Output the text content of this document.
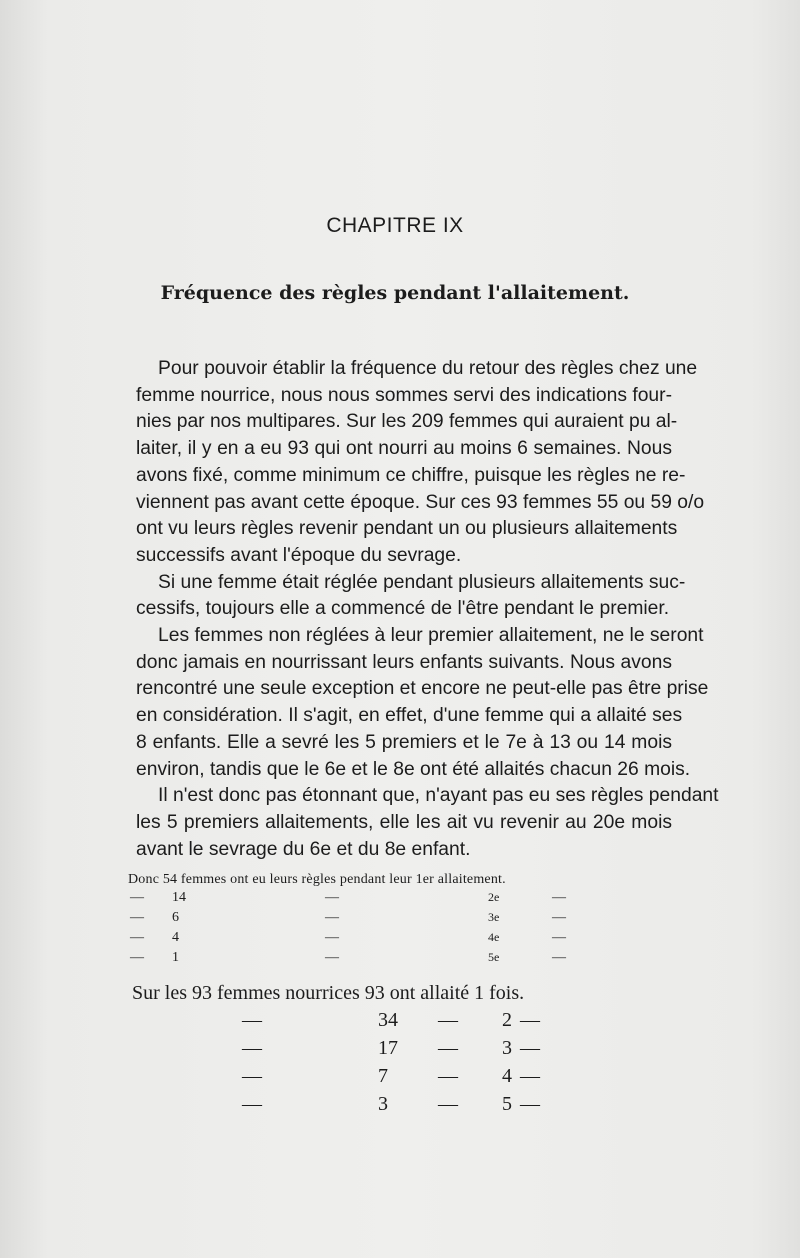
CHAPITRE IX
Fréquence des règles pendant l'allaitement.
Pour pouvoir établir la fréquence du retour des règles chez une
femme nourrice, nous nous sommes servi des indications four-
nies par nos multipares. Sur les 209 femmes qui auraient pu al-
laiter, il y en a eu 93 qui ont nourri au moins 6 semaines. Nous
avons fixé, comme minimum ce chiffre, puisque les règles ne re-
viennent pas avant cette époque. Sur ces 93 femmes 55 ou 59 o/o
ont vu leurs règles revenir pendant un ou plusieurs allaitements
successifs avant l'époque du sevrage.
Si une femme était réglée pendant plusieurs allaitements suc-
cessifs, toujours elle a commencé de l'être pendant le premier.
Les femmes non réglées à leur premier allaitement, ne le seront
donc jamais en nourrissant leurs enfants suivants. Nous avons
rencontré une seule exception et encore ne peut-elle pas être prise
en considération. Il s'agit, en effet, d'une femme qui a allaité ses
8 enfants. Elle a sevré les 5 premiers et le 7e à 13 ou 14 mois
environ, tandis que le 6e et le 8e ont été allaités chacun 26 mois.
Il n'est donc pas étonnant que, n'ayant pas eu ses règles pendant
les 5 premiers allaitements, elle les ait vu revenir au 20e mois
avant le sevrage du 6e et du 8e enfant.
Donc 54 femmes ont eu leurs règles pendant leur 1er allaitement.
— 14	—	2e	—
— 6	—	3e	—
— 4	—	4e	—
— 1	—	5e	—
Sur les 93 femmes nourrices 93 ont allaité 1 fois.
—	34 — 2 —
—	17 — 3 —
—	7	— 4 —
—	3	— 5 —
